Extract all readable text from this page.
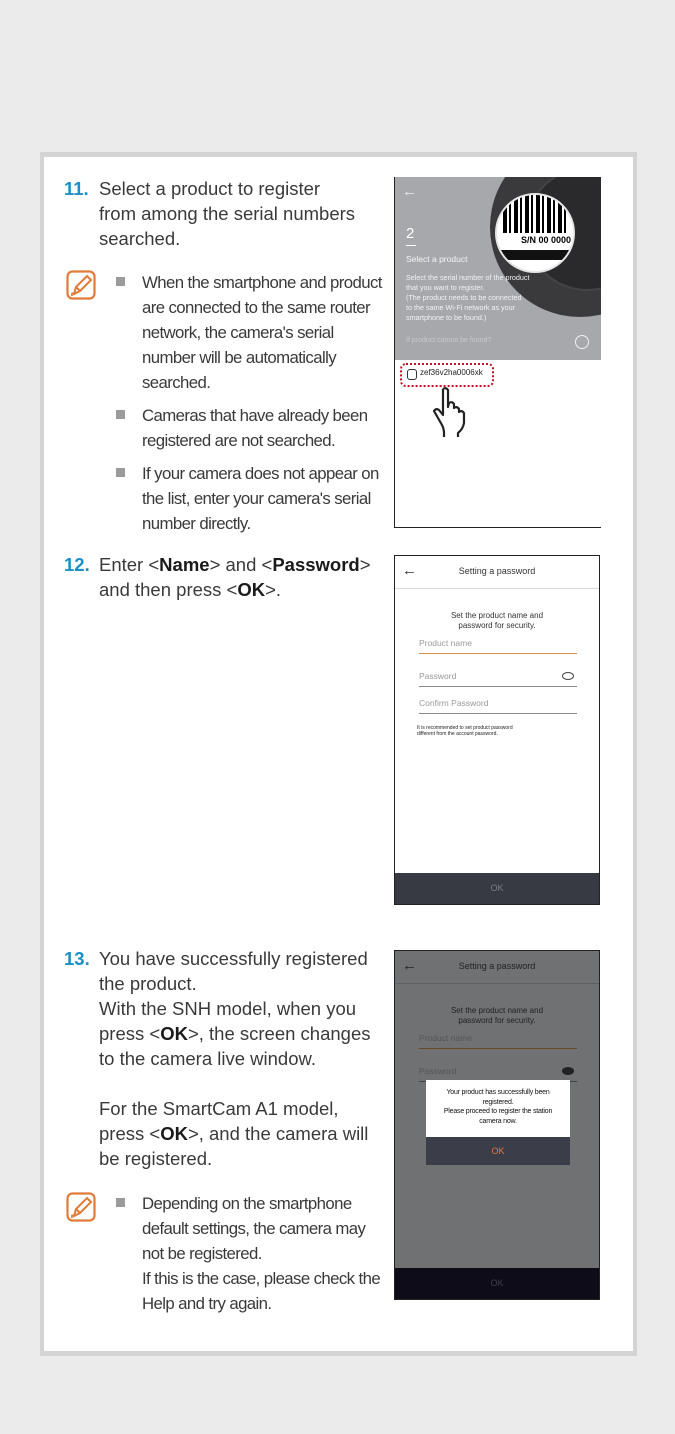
11. Select a product to register
from among the serial numbers
searched.
When the smartphone and product
are connected to the same router
network, the camera's serial
number will be automatically
searched.
Cameras that have already been
registered are not searched.
If your camera does not appear on
the list, enter your camera's serial
number directly.
S/N 00 0000
←
2
Select a product
Select the serial number of the product
that you want to register.
(The product needs to be connected
to the same Wi-Fi network as your
smartphone to be found.)
If product cannot be found?
zef36v2ha0006xk
12. Enter <Name> and <Password>
and then press <OK>.
←	Setting a password
Set the product name and
password for security.
Product name
Password
Confirm Password
It is recommended to set product password
different from the account password.
OK
13. You have successfully registered
the product.
With the SNH model, when you
press <OK>, the screen changes
to the camera live window.
For the SmartCam A1 model,
press <OK>, and the camera will
be registered.
Depending on the smartphone
default settings, the camera may
not be registered.
If this is the case, please check the
Help and try again.
←	Setting a password
Set the product name and
password for security.
Product name
Password
Your product has successfully been
registered.
Please proceed to register the station
camera now.
OK
OK
